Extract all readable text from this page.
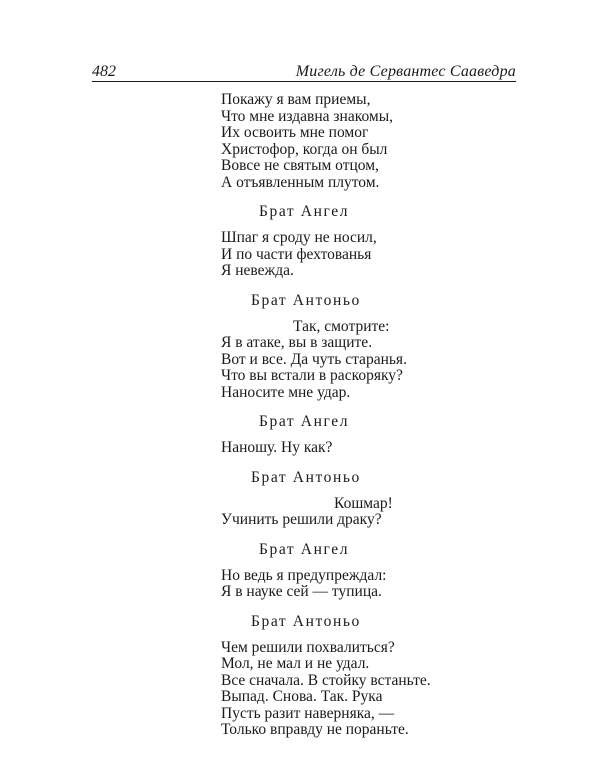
482	Мигель де Сервантес Сааведра
Покажу я вам приемы,
Что мне издавна знакомы,
Их освоить мне помог
Христофор, когда он был
Вовсе не святым отцом,
А отъявленным плутом.
Брат Ангел
Шпаг я сроду не носил,
И по части фехтованья
Я невежда.
Брат Антоньо
Так, смотрите:
Я в атаке, вы в защите.
Вот и все. Да чуть старанья.
Что вы встали в раскоряку?
Наносите мне удар.
Брат Ангел
Наношу. Ну как?
Брат Антоньо
Кошмар!
Учинить решили драку?
Брат Ангел
Но ведь я предупреждал:
Я в науке сей — тупица.
Брат Антоньо
Чем решили похвалиться?
Мол, не мал и не удал.
Все сначала. В стойку встаньте.
Выпад. Снова. Так. Рука
Пусть разит наверняка, —
Только вправду не пораньте.
